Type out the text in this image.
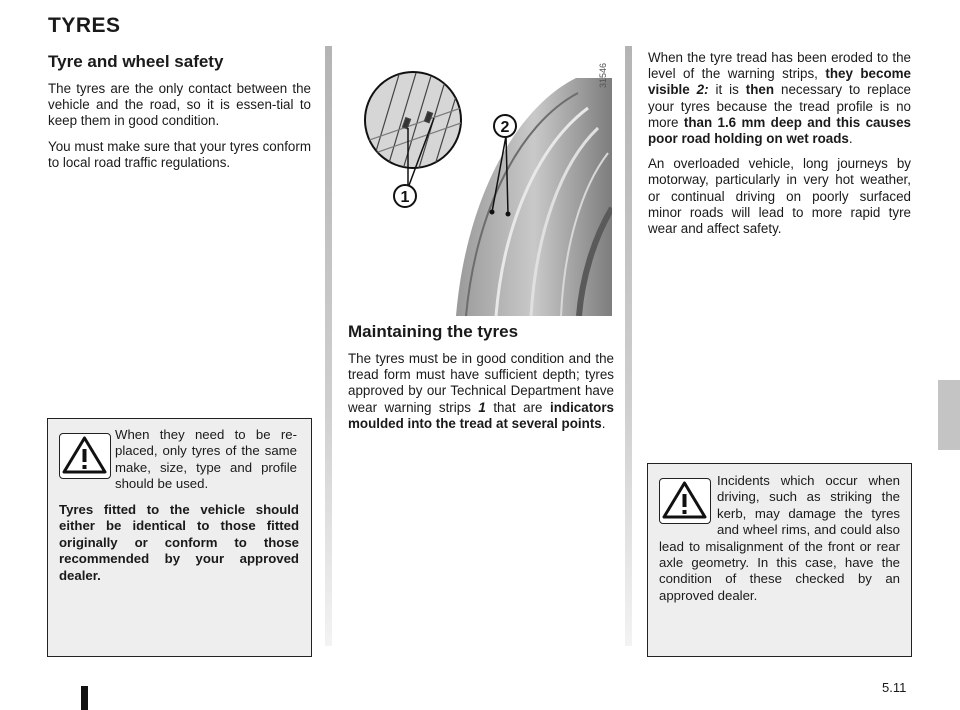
TYRES
Tyre and wheel safety

The tyres are the only contact between the vehicle and the road, so it is essen-tial to keep them in good condition.

You must make sure that your tyres conform to local road traffic regulations.

When they need to be re-placed, only tyres of the same make, size, type and profile should be used.

Tyres fitted to the vehicle should either be identical to those fitted originally or conform to those recommended by your approved dealer.

1
2
31546
Maintaining the tyres

The tyres must be in good condition and the tread form must have sufficient depth; tyres approved by our Technical Department have wear warning strips 1 that are indicators moulded into the tread at several points.

When the tyre tread has been eroded to the level of the warning strips, they become visible 2: it is then necessary to replace your tyres because the tread profile is no more than 1.6 mm deep and this causes poor road holding on wet roads.

An overloaded vehicle, long journeys by motorway, particularly in very hot weather, or continual driving on poorly surfaced minor roads will lead to more rapid tyre wear and affect safety.

Incidents which occur when driving, such as striking the kerb, may damage the tyres and wheel rims, and could also lead to misalignment of the front or rear axle geometry. In this case, have the condition of these checked by an approved dealer.

5.11
